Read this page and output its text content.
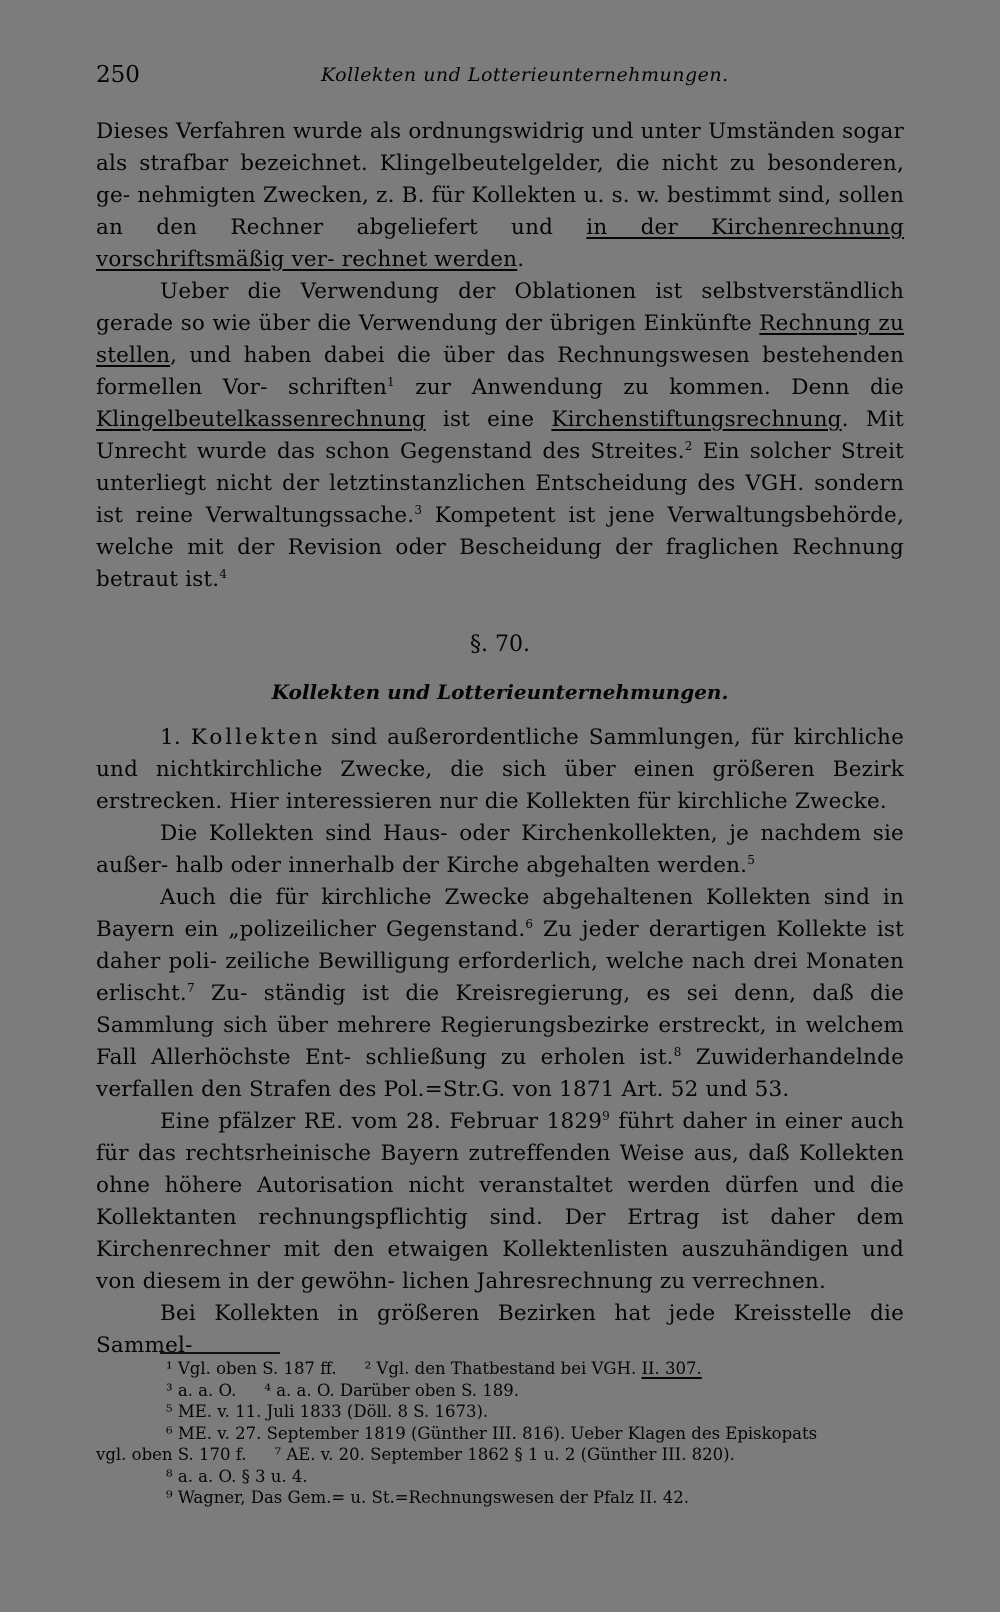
250	Kollekten und Lotterieunternehmungen.

Dieses Verfahren wurde als ordnungswidrig und unter Umständen sogar als strafbar bezeichnet. Klingelbeutelgelder, die nicht zu besonderen, ge‑ nehmigten Zwecken, z. B. für Kollekten u. s. w. bestimmt sind, sollen an den Rechner abgeliefert und in der Kirchenrechnung vorschriftsmäßig ver‑ rechnet werden.

Ueber die Verwendung der Oblationen ist selbstverständlich gerade so wie über die Verwendung der übrigen Einkünfte Rechnung zu stellen, und haben dabei die über das Rechnungswesen bestehenden formellen Vor‑ schriften$^1$ zur Anwendung zu kommen. Denn die Klingelbeutelkassenrechnung ist eine Kirchenstiftungsrechnung. Mit Unrecht wurde das schon Gegenstand des Streites.$^2$ Ein solcher Streit unterliegt nicht der letztinstanzlichen Entscheidung des VGH. sondern ist reine Verwaltungssache.$^3$ Kompetent ist jene Verwaltungsbehörde, welche mit der Revision oder Bescheidung der fraglichen Rechnung betraut ist.$^4$

§. 70.
Kollekten und Lotterieunternehmungen.

1. Kollekten sind außerordentliche Sammlungen, für kirchliche und nichtkirchliche Zwecke, die sich über einen größeren Bezirk erstrecken. Hier interessieren nur die Kollekten für kirchliche Zwecke.

Die Kollekten sind Haus‑ oder Kirchenkollekten, je nachdem sie außer‑ halb oder innerhalb der Kirche abgehalten werden.$^5$

Auch die für kirchliche Zwecke abgehaltenen Kollekten sind in Bayern ein „polizeilicher Gegenstand.$^6$ Zu jeder derartigen Kollekte ist daher poli‑ zeiliche Bewilligung erforderlich, welche nach drei Monaten erlischt.$^7$ Zu‑ ständig ist die Kreisregierung, es sei denn, daß die Sammlung sich über mehrere Regierungsbezirke erstreckt, in welchem Fall Allerhöchste Ent‑ schließung zu erholen ist.$^8$ Zuwiderhandelnde verfallen den Strafen des Pol.=Str.G. von 1871 Art. 52 und 53.

Eine pfälzer RE. vom 28. Februar 1829$^9$ führt daher in einer auch für das rechtsrheinische Bayern zutreffenden Weise aus, daß Kollekten ohne höhere Autorisation nicht veranstaltet werden dürfen und die Kollektanten rechnungspflichtig sind. Der Ertrag ist daher dem Kirchenrechner mit den etwaigen Kollektenlisten auszuhändigen und von diesem in der gewöhn‑ lichen Jahresrechnung zu verrechnen.

Bei Kollekten in größeren Bezirken hat jede Kreisstelle die Sammel‑

¹ Vgl. oben S. 187 ff. ² Vgl. den Thatbestand bei VGH. II. 307.

³ a. a. O. ⁴ a. a. O. Darüber oben S. 189.

⁵ ME. v. 11. Juli 1833 (Döll. 8 S. 1673).

⁶ ME. v. 27. September 1819 (Günther III. 816). Ueber Klagen des Episkopats

vgl. oben S. 170 f. ⁷ AE. v. 20. September 1862 § 1 u. 2 (Günther III. 820).

⁸ a. a. O. § 3 u. 4.

⁹ Wagner, Das Gem.= u. St.=Rechnungswesen der Pfalz II. 42.
